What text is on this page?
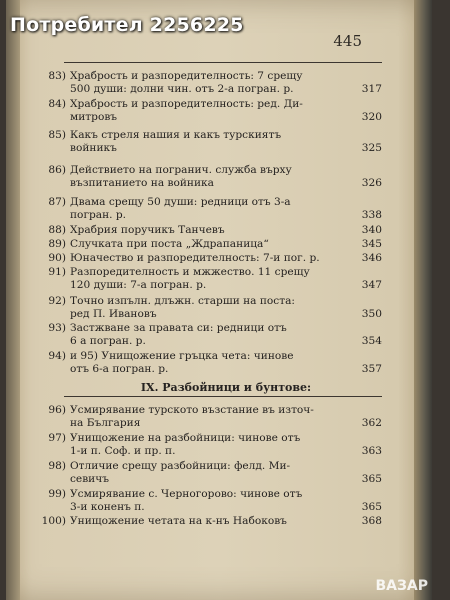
445
83) Храбрость и разпоредителность: 7 срещу
500 души: долни чин. отъ 2-а погран. р.	317
84) Храбрость и разпоредителность: ред. Ди-
митровъ	320
85) Какъ стреля нашия и какъ турскиятъ
войникъ	325
86) Действието на погранич. служба върху
възпитанието на войника	326
87) Двама срещу 50 души: редници отъ 3-а
погран. р.	338
88) Храбрия поручикъ Танчевъ	340
89) Случката при поста „Ждрапаница“	345
90) Юначество и разпоредителность: 7-и пог. р.	346
91) Разпоредителность и мжжество. 11 срещу
120 души: 7-а погран. р.	347
92) Точно изпълн. длъжн. старши на поста:
ред П. Ивановъ	350
93) Застжване за правата си: редници отъ
6 а погран. р.	354
94) и 95) Унищожение гръцка чета: чинове
отъ 6-а погран. р.	357
96) Усмирявание турското възстание въ източ-
на България	362
97) Унищожение на разбойници: чинове отъ
1-и п. Соф. и пр. п.	363
98) Отличие срещу разбойници: фелд. Ми-
севичъ	365
99) Усмирявание с. Черногорово: чинове отъ
3-и коненъ п.	365
100) Унищожение четата на к-нъ Набоковъ	368
IX. Разбойници и бунтове:
Потребител 2256225
ВАЗАР
